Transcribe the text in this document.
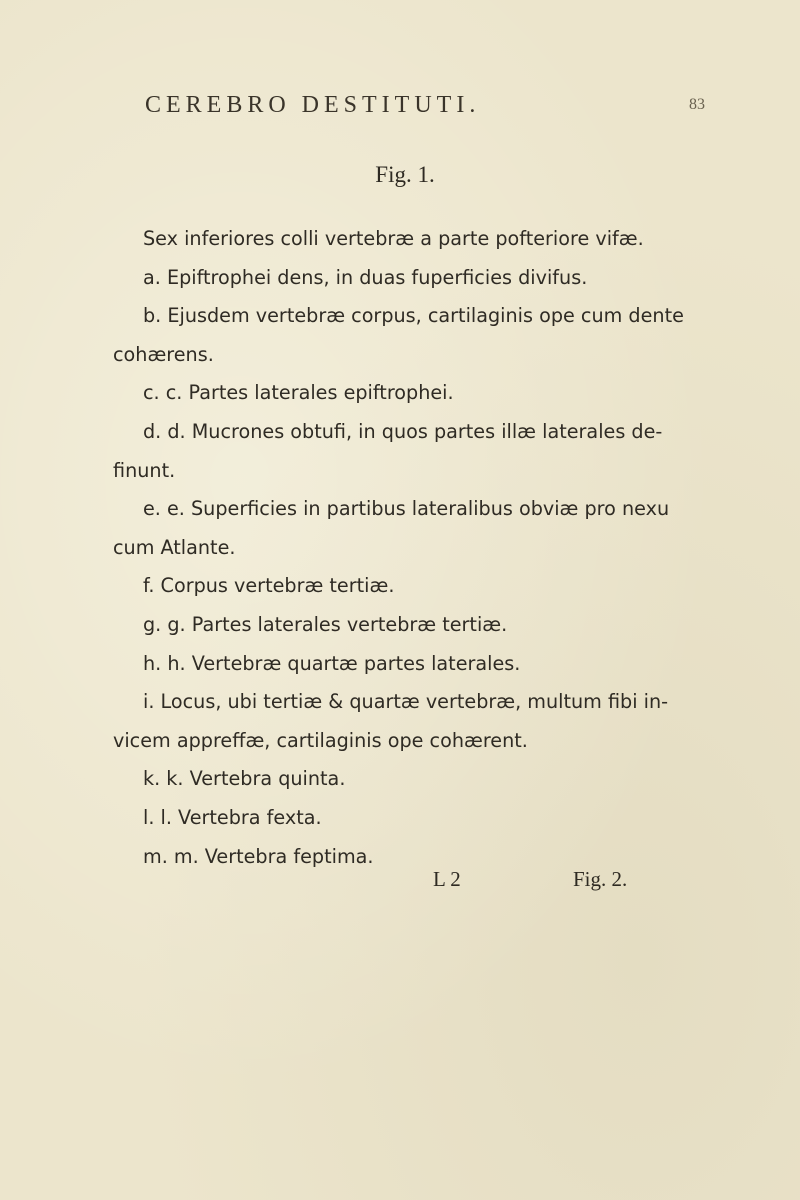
CEREBRO DESTITUTI.	83
Fig. 1.

Sex inferiores colli vertebræ a parte pofteriore vifæ.

a. Epiftrophei dens, in duas fuperficies divifus.

b. Ejusdem vertebræ corpus, cartilaginis ope cum dente

cohærens.

c. c. Partes laterales epiftrophei.

d. d. Mucrones obtufi, in quos partes illæ laterales de-

finunt.

e. e. Superficies in partibus lateralibus obviæ pro nexu

cum Atlante.

f. Corpus vertebræ tertiæ.

g. g. Partes laterales vertebræ tertiæ.

h. h. Vertebræ quartæ partes laterales.

i. Locus, ubi tertiæ & quartæ vertebræ, multum fibi in-

vicem appreffæ, cartilaginis ope cohærent.

k. k. Vertebra quinta.

l. l. Vertebra fexta.

m. m. Vertebra feptima.

L 2	Fig. 2.
